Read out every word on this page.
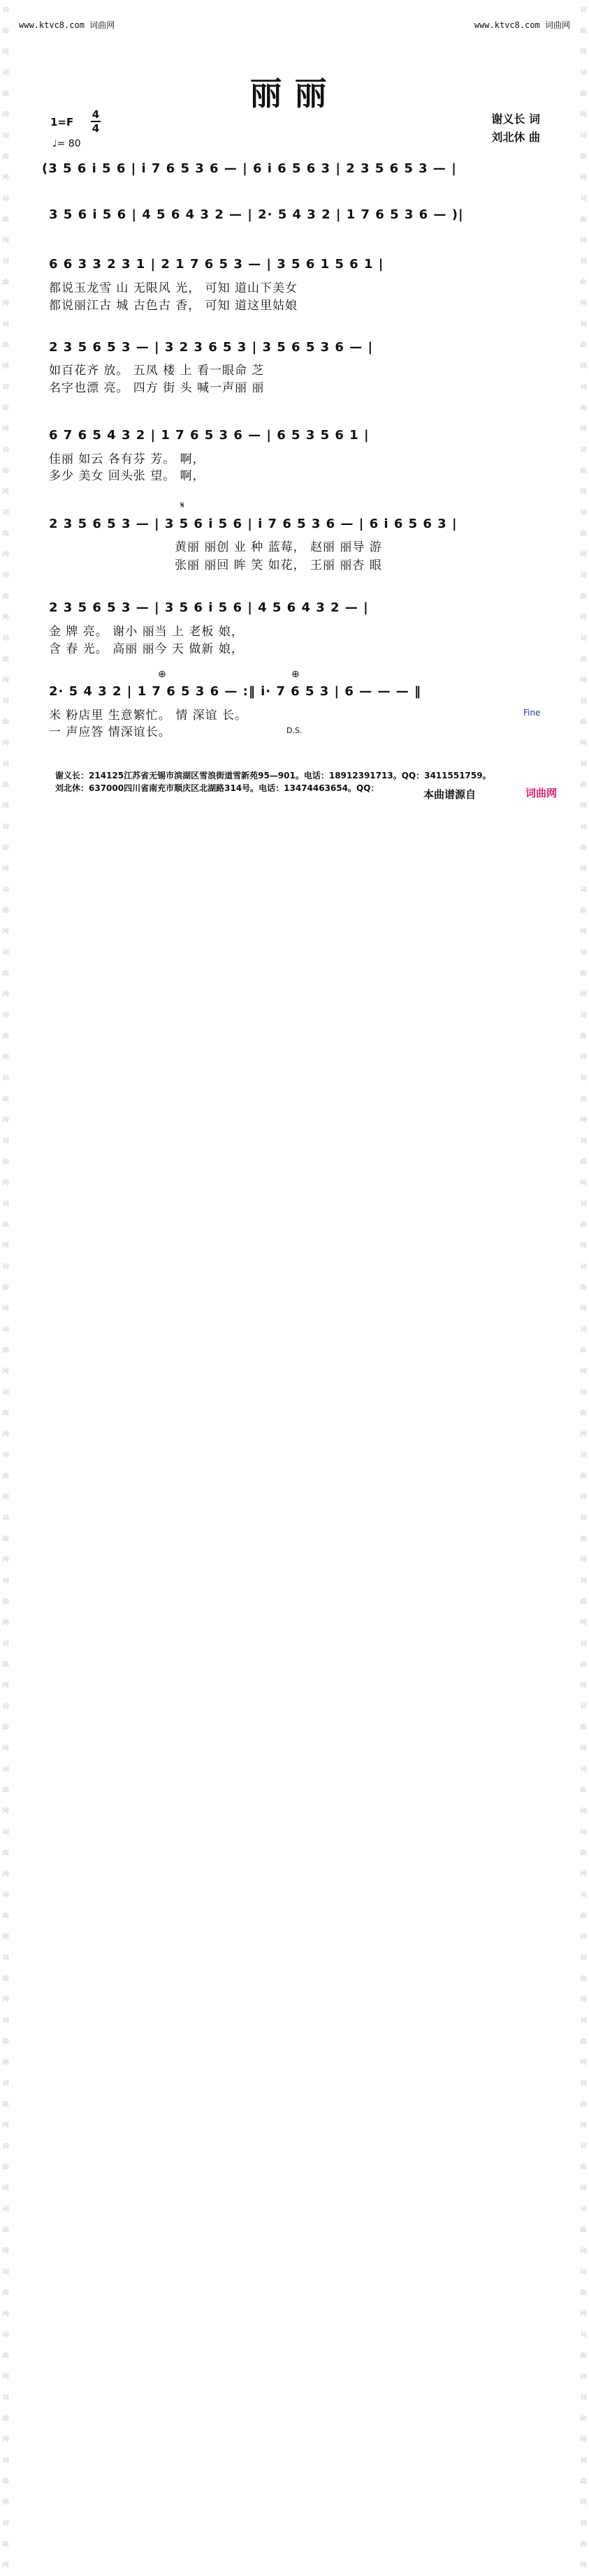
词曲网
词曲网
词曲网
词曲网
词曲网
词曲网
词曲网
词曲网
词曲网
词曲网
词曲网
词曲网
词曲网
词曲网
词曲网
词曲网
词曲网
词曲网
词曲网
词曲网
词曲网
词曲网
词曲网
词曲网
词曲网
词曲网
词曲网
词曲网
词曲网
词曲网
词曲网
词曲网
词曲网
词曲网
词曲网
词曲网
词曲网
词曲网
词曲网
词曲网
词曲网
词曲网
词曲网
词曲网
词曲网
词曲网
词曲网
词曲网
词曲网
词曲网
词曲网
词曲网
词曲网
词曲网
词曲网
词曲网
词曲网
词曲网
词曲网
词曲网
词曲网
词曲网
词曲网
词曲网
词曲网
词曲网
词曲网
词曲网
词曲网
词曲网
词曲网
词曲网
词曲网
词曲网
词曲网
词曲网
词曲网
词曲网
词曲网
词曲网
词曲网
词曲网
www.ktvc8.com 词曲网	www.ktvc8.com 词曲网
丽丽
1=F
4
4
♩= 80
谢义长 词
刘北休 曲
(3 5 6 i 5 6 | i 7 6 5 3 6 — | 6 i 6 5 6 3 | 2 3 5 6 5 3 — |
3 5 6 i 5 6 | 4 5 6 4 3 2 — | 2· 5 4 3 2 | 1 7 6 5 3 6 — )|
6 6 3 3 2 3 1 | 2 1 7 6 5 3 — | 3 5 6 1 5 6 1 |
都说玉龙雪 山 无限风 光， 可知 道山下美女
都说丽江古 城 古色古 香， 可知 道这里姑娘
2 3 5 6 5 3 — | 3 2 3 6 5 3 | 3 5 6 5 3 6 — |
如百花齐 放。 五凤 楼 上 看一眼命 芝
名字也漂 亮。 四方 街 头 喊一声丽 丽
6 7 6 5 4 3 2 | 1 7 6 5 3 6 — | 6 5 3 5 6 1 |
佳丽 如云 各有芬 芳。 啊，
多少 美女 回头张 望。 啊，
𝄋
2 3 5 6 5 3 — | 3 5 6 i 5 6 | i 7 6 5 3 6 — | 6 i 6 5 6 3 |
黄丽 丽创 业 种 蓝莓， 赵丽 丽导 游
张丽 丽回 眸 笑 如花， 王丽 丽杏 眼
2 3 5 6 5 3 — | 3 5 6 i 5 6 | 4 5 6 4 3 2 — |
金 牌 亮。 谢小 丽当 上 老板 娘，
含 春 光。 高丽 丽今 天 做新 娘，
⊕	⊕
2· 5 4 3 2 | 1 7 6 5 3 6 — :‖ i· 7 6 5 3 | 6 — — — ‖
米 粉店里 生意繁忙。 情 深谊 长。
一 声应答 情深谊长。
Fine
D.S.
谢义长：214125江苏省无锡市滨湖区雪浪街道雪新苑95—901。电话：18912391713。QQ：3411551759。
刘北休：637000四川省南充市顺庆区北湖路314号。电话：13474463654。QQ：	本曲谱源自	词曲网
